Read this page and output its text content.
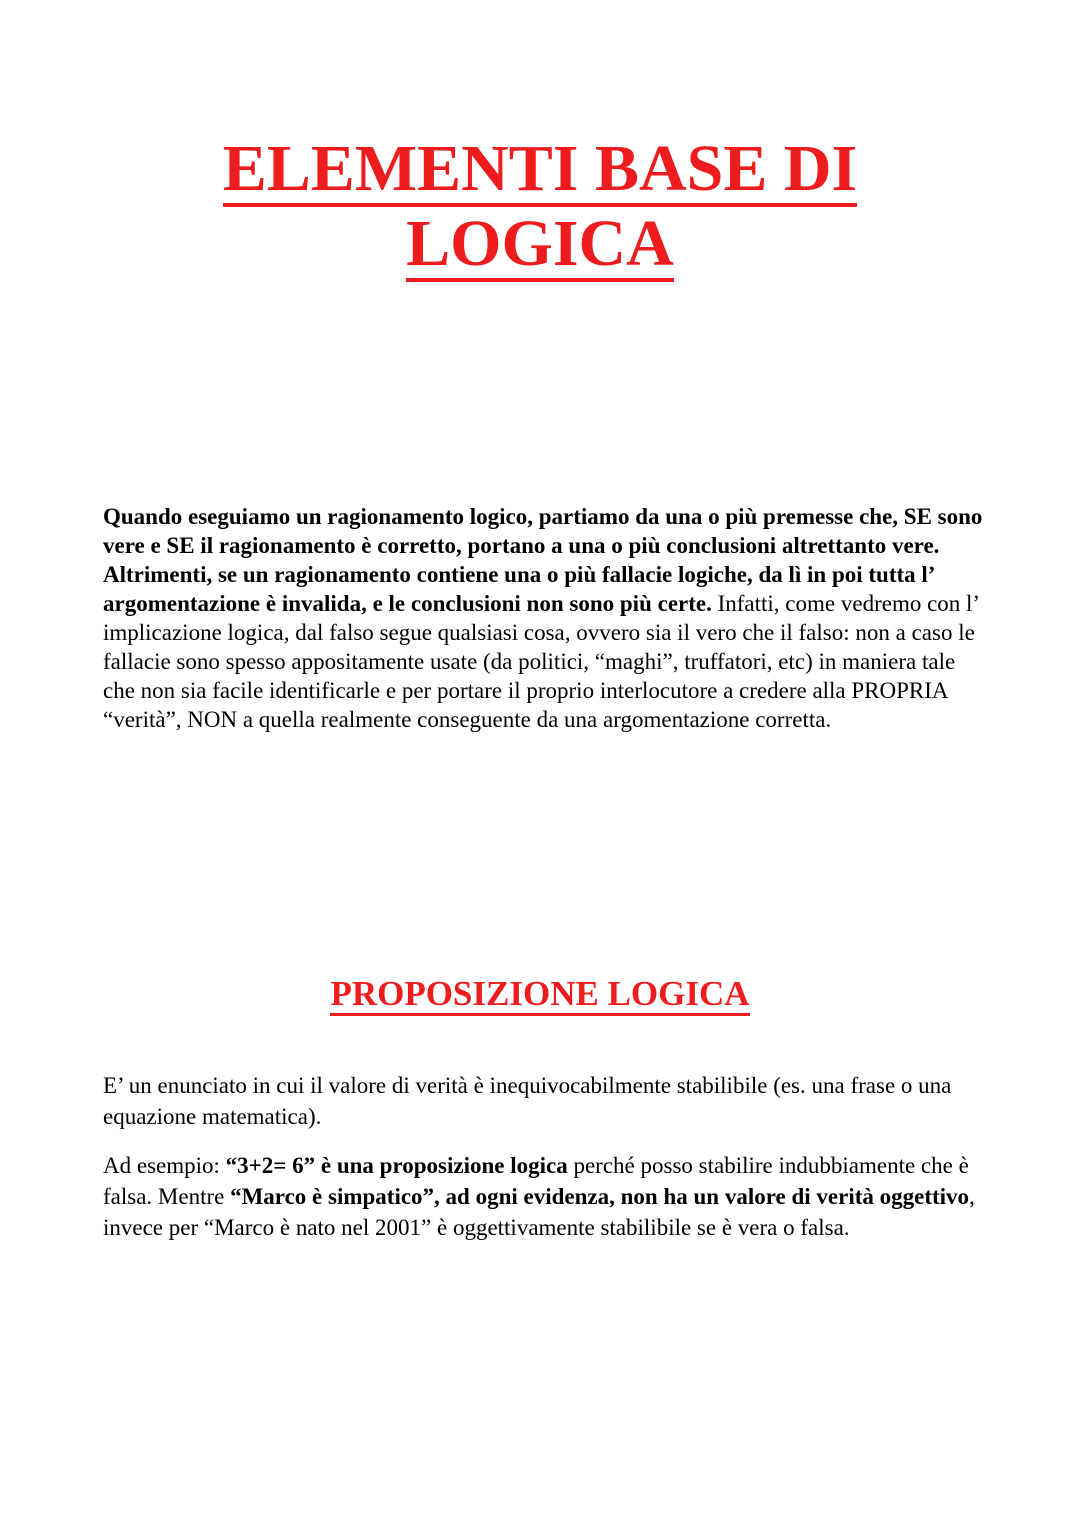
ELEMENTI BASE DI
LOGICA

Quando eseguiamo un ragionamento logico, partiamo da una o più premesse che, SE sono vere e SE il ragionamento è corretto, portano a una o più conclusioni altrettanto vere.

Altrimenti, se un ragionamento contiene una o più fallacie logiche, da lì in poi tutta l’ argomentazione è invalida, e le conclusioni non sono più certe. Infatti, come vedremo con l’ implicazione logica, dal falso segue qualsiasi cosa, ovvero sia il vero che il falso: non a caso le fallacie sono spesso appositamente usate (da politici, “maghi”, truffatori, etc) in maniera tale che non sia facile identificarle e per portare il proprio interlocutore a credere alla PROPRIA “verità”, NON a quella realmente conseguente da una argomentazione corretta.

PROPOSIZIONE LOGICA

E’ un enunciato in cui il valore di verità è inequivocabilmente stabilibile (es. una frase o una equazione matematica).

Ad esempio: “3+2= 6” è una proposizione logica perché posso stabilire indubbiamente che è falsa. Mentre “Marco è simpatico”, ad ogni evidenza, non ha un valore di verità oggettivo, invece per “Marco è nato nel 2001” è oggettivamente stabilibile se è vera o falsa.
